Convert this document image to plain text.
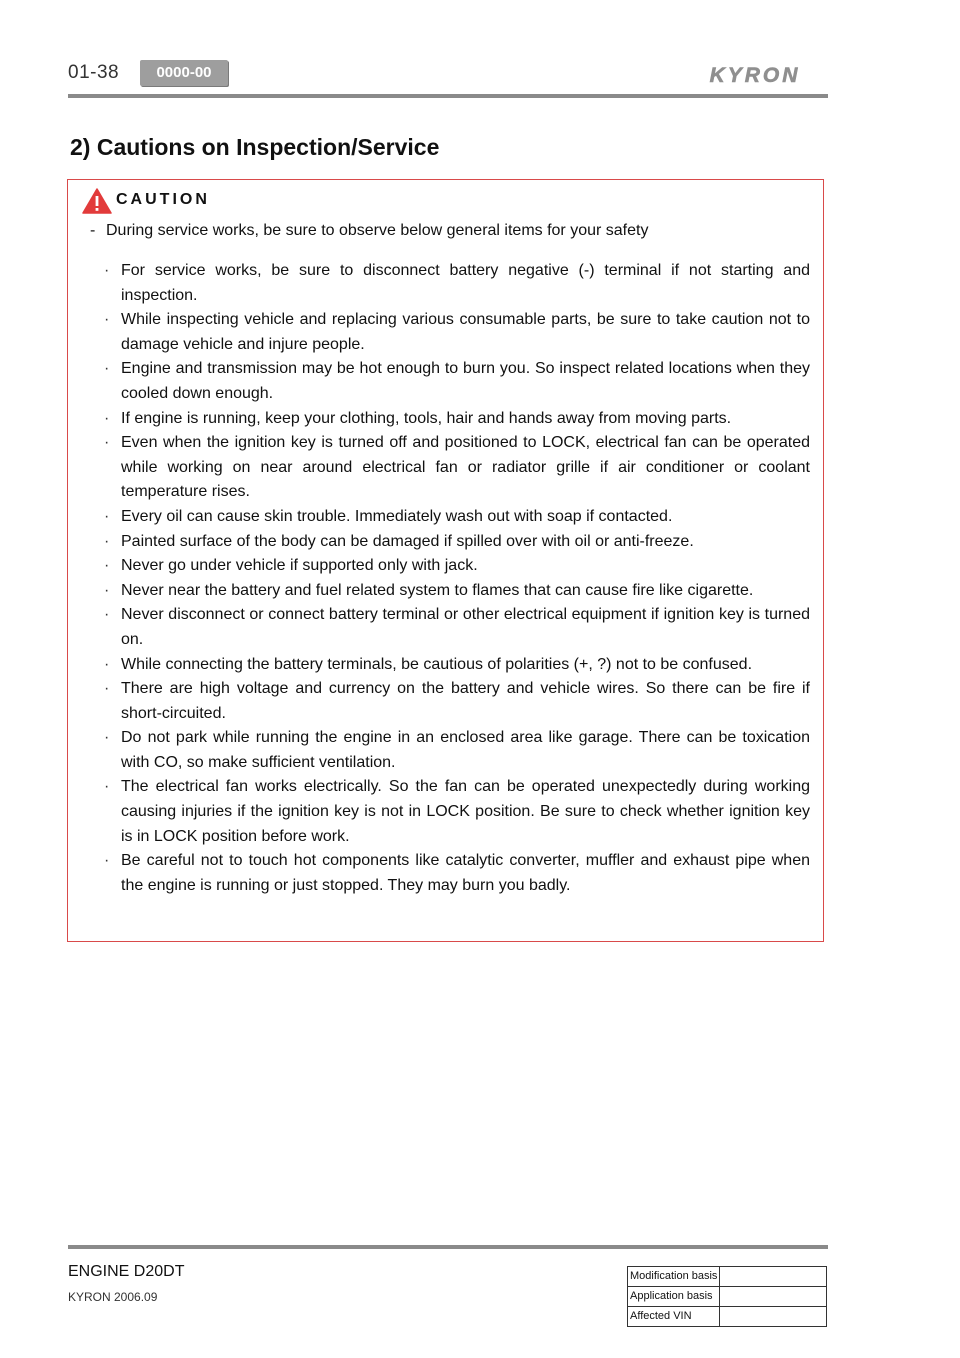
01-38	0000-00	KYRON
2) Cautions on Inspection/Service
CAUTION
- During service works, be sure to observe below general items for your safety
· For service works, be sure to disconnect battery negative (-) terminal if not starting and inspection.
· While inspecting vehicle and replacing various consumable parts, be sure to take caution not to damage vehicle and injure people.
· Engine and transmission may be hot enough to burn you. So inspect related locations when they cooled down enough.
· If engine is running, keep your clothing, tools, hair and hands away from moving parts.
· Even when the ignition key is turned off and positioned to LOCK, electrical fan can be operated while working on near around electrical fan or radiator grille if air conditioner or coolant temperature rises.
· Every oil can cause skin trouble. Immediately wash out with soap if contacted.
· Painted surface of the body can be damaged if spilled over with oil or anti-freeze.
· Never go under vehicle if supported only with jack.
· Never near the battery and fuel related system to flames that can cause fire like cigarette.
· Never disconnect or connect battery terminal or other electrical equipment if ignition key is turned on.
· While connecting the battery terminals, be cautious of polarities (+, ?) not to be confused.
· There are high voltage and currency on the battery and vehicle wires. So there can be fire if short-circuited.
· Do not park while running the engine in an enclosed area like garage. There can be toxication with CO, so make sufficient ventilation.
· The electrical fan works electrically. So the fan can be operated unexpectedly during working causing injuries if the ignition key is not in LOCK position. Be sure to check whether ignition key is in LOCK position before work.
· Be careful not to touch hot components like catalytic converter, muffler and exhaust pipe when the engine is running or just stopped. They may burn you badly.
ENGINE D20DT
KYRON 2006.09
Modification basis	
Application basis	
Affected VIN	
